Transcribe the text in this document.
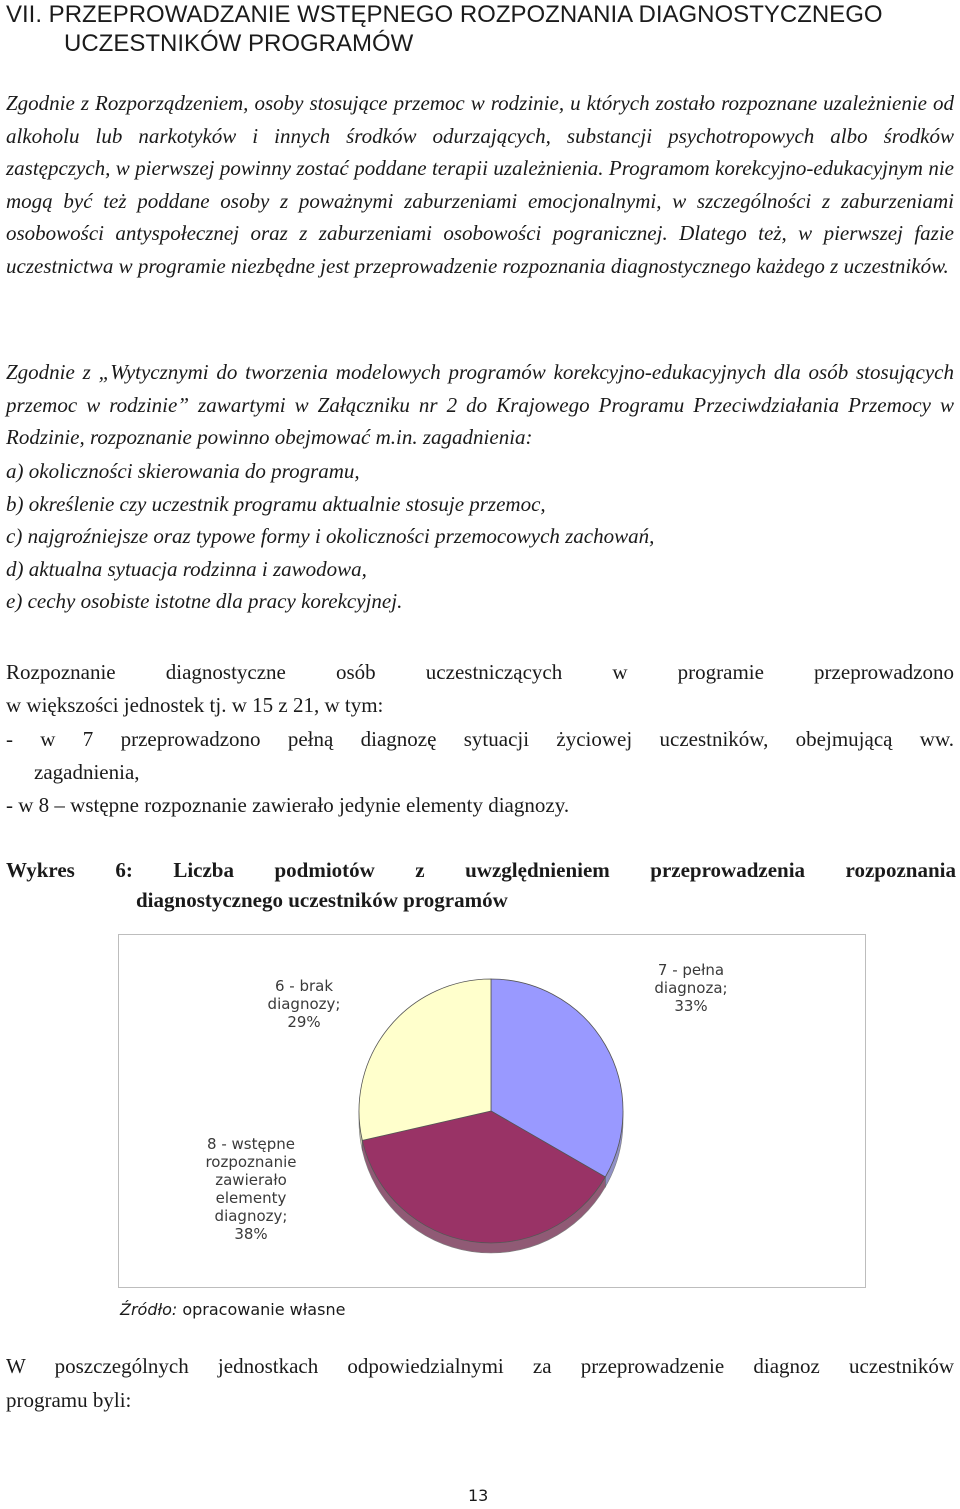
VII. PRZEPROWADZANIE WSTĘPNEGO ROZPOZNANIA DIAGNOSTYCZNEGO
UCZESTNIKÓW PROGRAMÓW
Zgodnie z Rozporządzeniem, osoby stosujące przemoc w rodzinie, u których zostało rozpoznane uzależnienie od alkoholu lub narkotyków i innych środków odurzających, substancji psychotropowych albo środków zastępczych, w pierwszej powinny zostać poddane terapii uzależnienia. Programom korekcyjno-edukacyjnym nie mogą być też poddane osoby z poważnymi zaburzeniami emocjonalnymi, w szczególności z zaburzeniami osobowości antyspołecznej oraz z zaburzeniami osobowości pogranicznej. Dlatego też, w pierwszej fazie uczestnictwa w programie niezbędne jest przeprowadzenie rozpoznania diagnostycznego każdego z uczestników.
Zgodnie z „Wytycznymi do tworzenia modelowych programów korekcyjno-edukacyjnych dla osób stosujących przemoc w rodzinie” zawartymi w Załączniku nr 2 do Krajowego Programu Przeciwdziałania Przemocy w Rodzinie, rozpoznanie powinno obejmować m.in. zagadnienia:
a) okoliczności skierowania do programu,
b) określenie czy uczestnik programu aktualnie stosuje przemoc,
c) najgroźniejsze oraz typowe formy i okoliczności przemocowych zachowań,
d) aktualna sytuacja rodzinna i zawodowa,
e) cechy osobiste istotne dla pracy korekcyjnej.
Rozpoznanie diagnostyczne osób uczestniczących w programie przeprowadzono
w większości jednostek tj. w 15 z 21, w tym:
- w 7 przeprowadzono pełną diagnozę sytuacji życiowej uczestników, obejmującą ww.
zagadnienia,
- w 8 – wstępne rozpoznanie zawierało jedynie elementy diagnozy.
Wykres 6: Liczba podmiotów z uwzględnieniem przeprowadzenia rozpoznania
diagnostycznego uczestników programów
7 - pełna diagnoza; 33%
8 - wstępne rozpoznanie zawierało elementy diagnozy; 38%
6 - brak diagnozy; 29%
Źródło: opracowanie własne
W poszczególnych jednostkach odpowiedzialnymi za przeprowadzenie diagnoz uczestników
programu byli:
13
